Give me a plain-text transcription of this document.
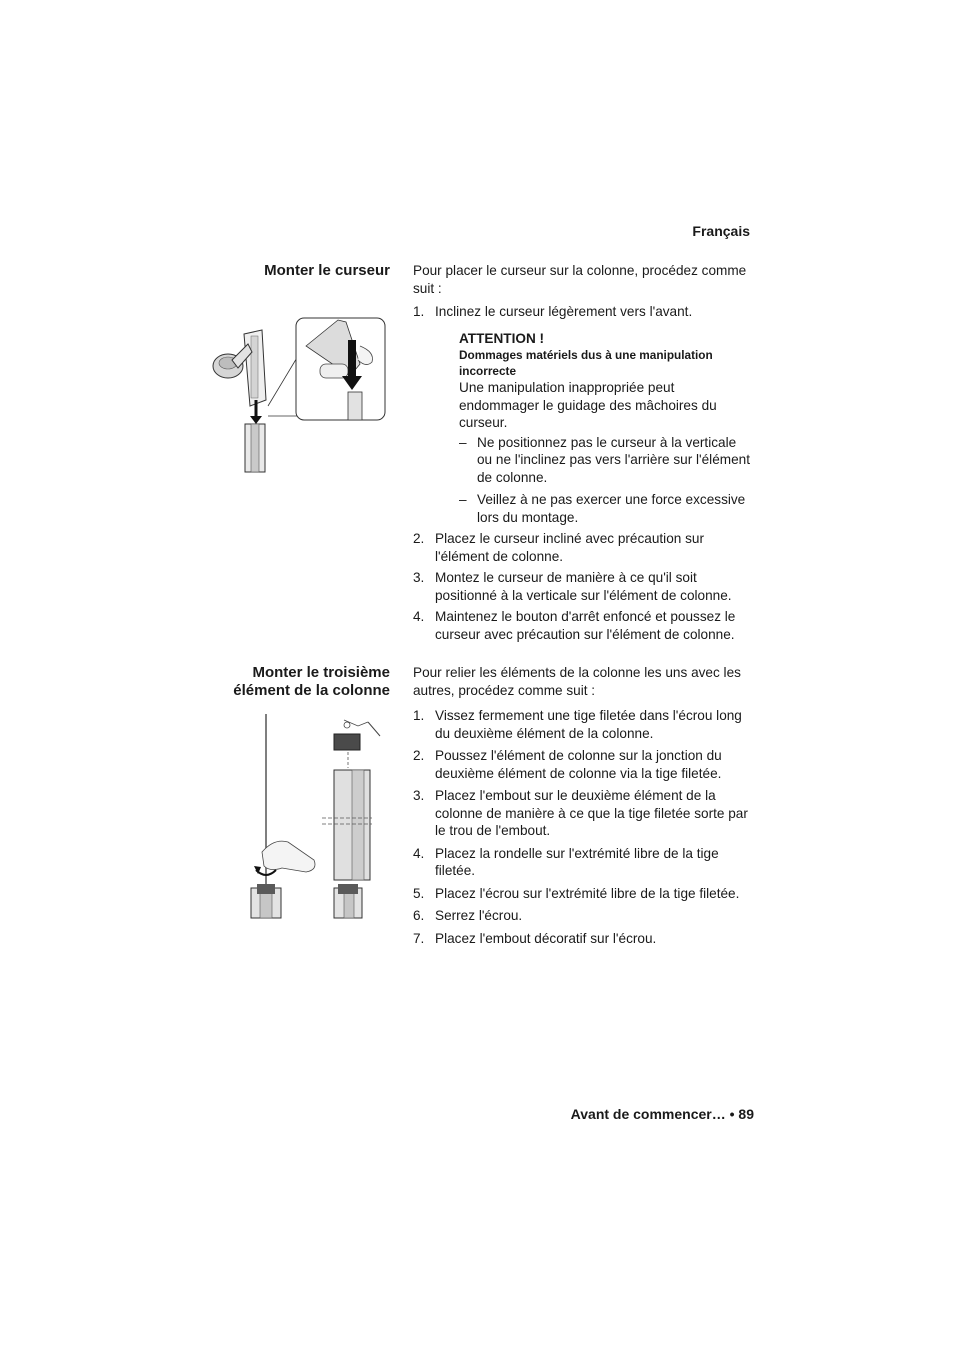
Français
Monter le curseur Pour placer le curseur sur la colonne, procédez comme suit :

1. Inclinez le curseur légèrement vers l'avant.
ATTENTION !
Dommages matériels dus à une manipulation incorrecte

Une manipulation inappropriée peut endommager le guidage des mâchoires du curseur.

– Ne positionnez pas le curseur à la verticale ou ne l'inclinez pas vers l'arrière sur l'élément de colonne.
– Veillez à ne pas exercer une force excessive lors du montage.
2. Placez le curseur incliné avec précaution sur l'élément de colonne.
3. Montez le curseur de manière à ce qu'il soit positionné à la verticale sur l'élément de colonne.
4. Maintenez le bouton d'arrêt enfoncé et poussez le curseur avec précaution sur l'élément de colonne.
Monter le troisième
élément de la colonne

Pour relier les éléments de la colonne les uns avec les autres, procédez comme suit :

1. Vissez fermement une tige filetée dans l'écrou long du deuxième élément de la colonne.
2. Poussez l'élément de colonne sur la jonction du deuxième élément de colonne via la tige filetée.
3. Placez l'embout sur le deuxième élément de la colonne de manière à ce que la tige filetée sorte par le trou de l'embout.
4. Placez la rondelle sur l'extrémité libre de la tige filetée.
5. Placez l'écrou sur l'extrémité libre de la tige filetée.
6. Serrez l'écrou.
7. Placez l'embout décoratif sur l'écrou.
Avant de commencer… • 89
